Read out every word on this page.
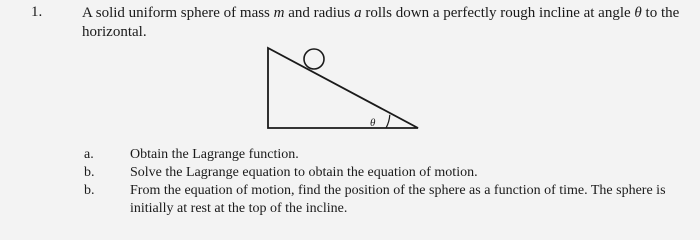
1.	A solid uniform sphere of mass m and radius a rolls down a perfectly rough incline at angle θ to the horizontal.
θ
a.	Obtain the Lagrange function.
b.	Solve the Lagrange equation to obtain the equation of motion.
b.	From the equation of motion, find the position of the sphere as a function of time. The sphere is initially at rest at the top of the incline.
